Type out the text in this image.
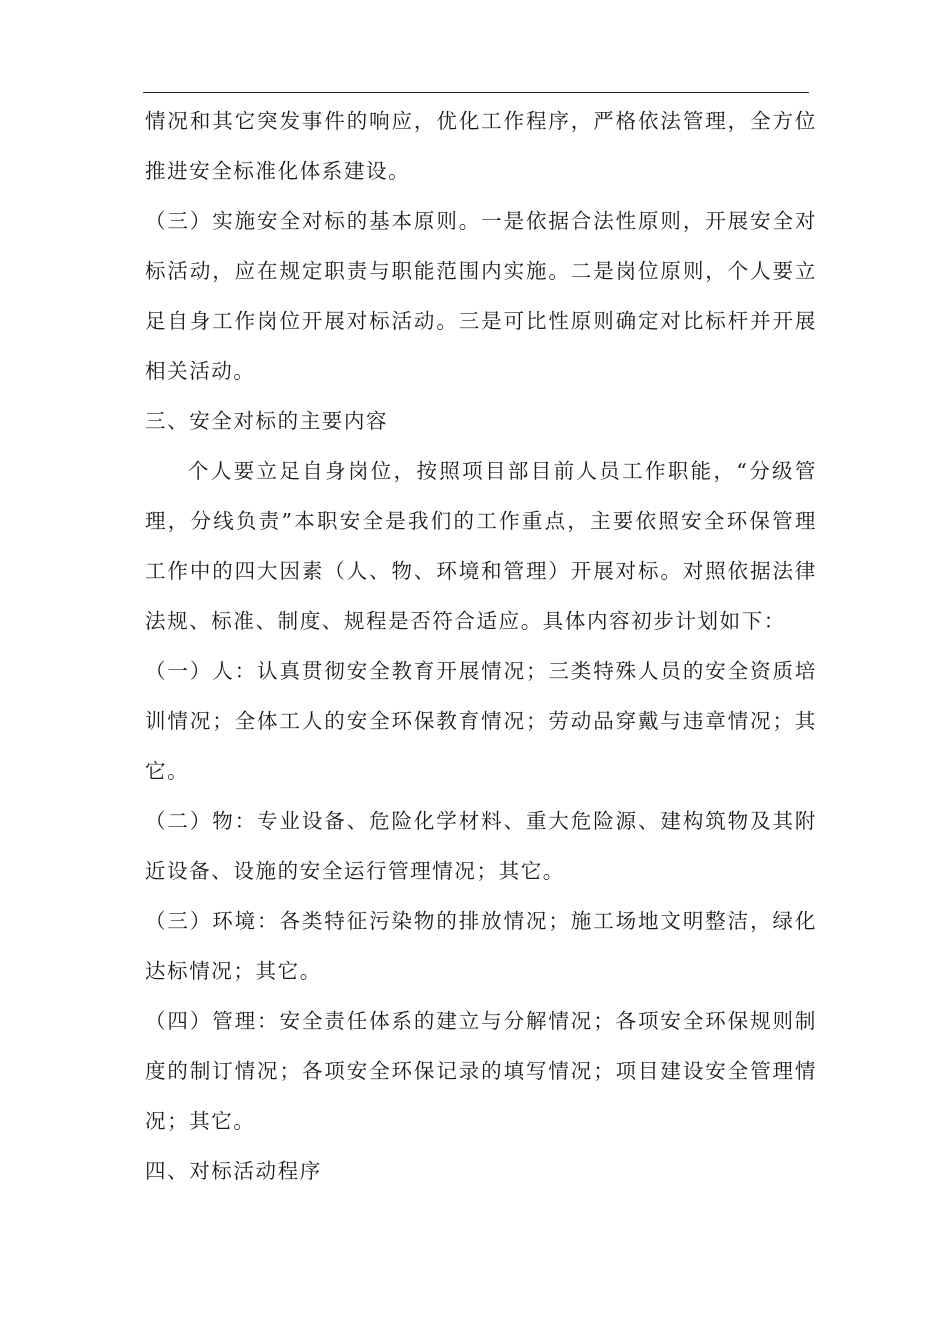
情况和其它突发事件的响应，优化工作程序，严格依法管理，全方位推进安全标准化体系建设。

（三）实施安全对标的基本原则。一是依据合法性原则，开展安全对标活动，应在规定职责与职能范围内实施。二是岗位原则，个人要立足自身工作岗位开展对标活动。三是可比性原则确定对比标杆并开展相关活动。

三、安全对标的主要内容

个人要立足自身岗位，按照项目部目前人员工作职能，“分级管理，分线负责”本职安全是我们的工作重点，主要依照安全环保管理工作中的四大因素（人、物、环境和管理）开展对标。对照依据法律法规、标准、制度、规程是否符合适应。具体内容初步计划如下：

（一）人：认真贯彻安全教育开展情况；三类特殊人员的安全资质培训情况；全体工人的安全环保教育情况；劳动品穿戴与违章情况；其它。

（二）物：专业设备、危险化学材料、重大危险源、建构筑物及其附近设备、设施的安全运行管理情况；其它。

（三）环境：各类特征污染物的排放情况；施工场地文明整洁，绿化达标情况；其它。

（四）管理：安全责任体系的建立与分解情况；各项安全环保规则制度的制订情况；各项安全环保记录的填写情况；项目建设安全管理情况；其它。

四、对标活动程序
